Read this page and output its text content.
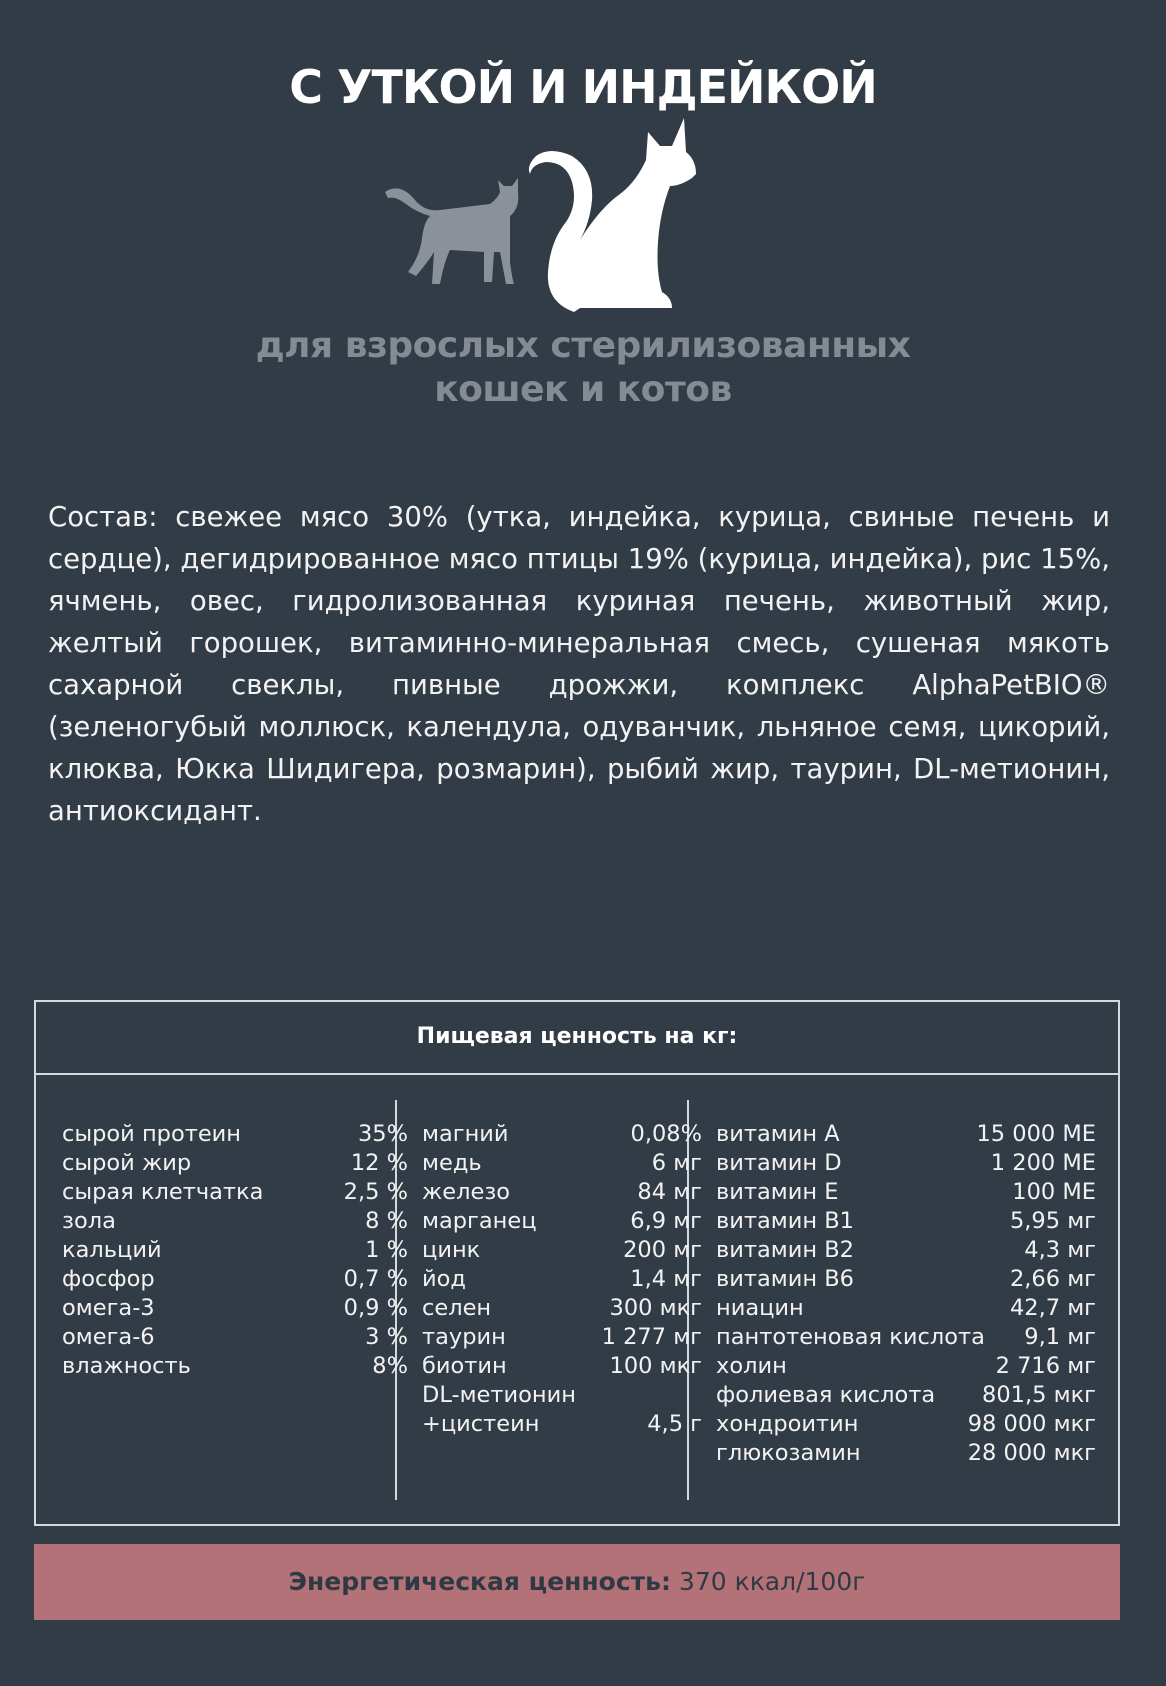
С УТКОЙ И ИНДЕЙКОЙ
для взрослых стерилизованных
кошек и котов
Состав: свежее мясо 30% (утка, индейка, курица, свиные печень и сердце), дегидрированное мясо птицы 19% (курица, индейка), рис 15%, ячмень, овес, гидролизованная куриная печень, животный жир, желтый горошек, витаминно-минеральная смесь, сушеная мякоть сахарной свеклы, пивные дрожжи, комплекс AlphaPetBIO® (зеленогубый моллюск, календула, одуванчик, льняное семя, цикорий, клюква, Юкка Шидигера, розмарин), рыбий жир, таурин, DL-метионин, антиоксидант.
Пищевая ценность на кг:
сырой протеин	35%
сырой жир	12 %
сырая клетчатка	2,5 %
зола	8 %
кальций	1 %
фосфор	0,7 %
омега-3	0,9 %
омега-6	3 %
влажность	8%
магний	0,08%
медь	6 мг
железо	84 мг
марганец	6,9 мг
цинк	200 мг
йод	1,4 мг
селен	300 мкг
таурин	1 277 мг
биотин	100 мкг
DL-метионин
+цистеин	4,5 г
витамин А	15 000 МЕ
витамин D	1 200 МЕ
витамин Е	100 МЕ
витамин В1	5,95 мг
витамин В2	4,3 мг
витамин В6	2,66 мг
ниацин	42,7 мг
пантотеновая кислота 9,1 мг
холин	2 716 мг
фолиевая кислота 801,5 мкг
хондроитин	98 000 мкг
глюкозамин	28 000 мкг
Энергетическая ценность: 370 ккал/100г
